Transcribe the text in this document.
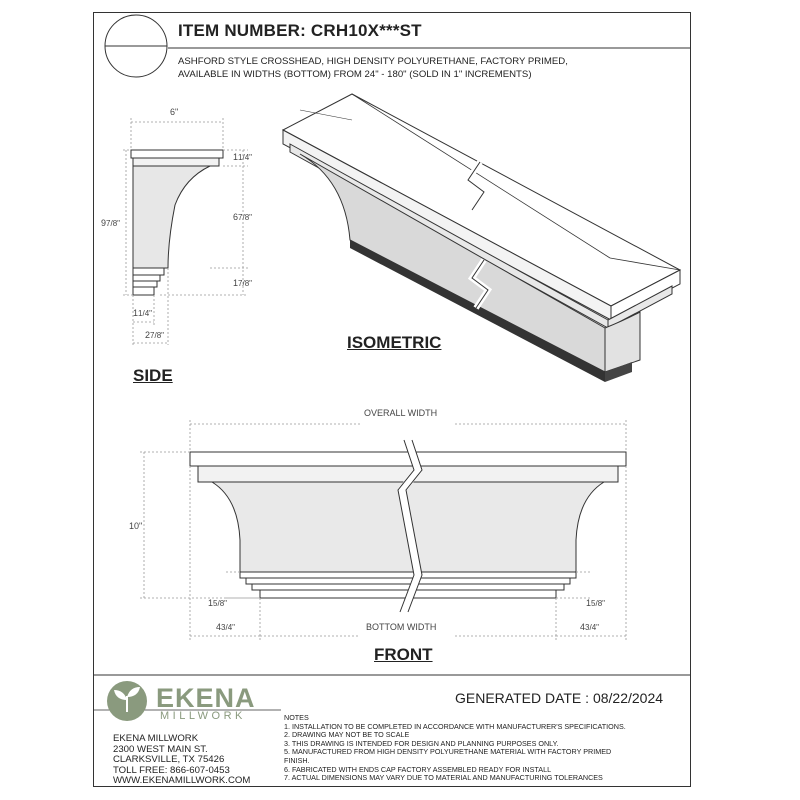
ITEM NUMBER: CRH10X***ST
ASHFORD STYLE CROSSHEAD, HIGH DENSITY POLYURETHANE, FACTORY PRIMED,
AVAILABLE IN WIDTHS (BOTTOM) FROM 24" - 180" (SOLD IN 1" INCREMENTS)
6"
97/8"
11/4"
67/8"
17/8"
11/4"
27/8"
SIDE
ISOMETRIC
FRONT
OVERALL WIDTH
BOTTOM WIDTH
10"
15/8"	15/8"
43/4"	43/4"
EKENA
MILLWORK
GENERATED DATE : 08/22/2024
EKENA MILLWORK
2300 WEST MAIN ST.
CLARKSVILLE, TX 75426
TOLL FREE: 866-607-0453
WWW.EKENAMILLWORK.COM
NOTES
1. INSTALLATION TO BE COMPLETED IN ACCORDANCE WITH MANUFACTURER'S SPECIFICATIONS.
2. DRAWING MAY NOT BE TO SCALE
3. THIS DRAWING IS INTENDED FOR DESIGN AND PLANNING PURPOSES ONLY.
5. MANUFACTURED FROM HIGH DENSITY POLYURETHANE MATERIAL WITH FACTORY PRIMED
FINISH.
6. FABRICATED WITH ENDS CAP FACTORY ASSEMBLED READY FOR INSTALL
7. ACTUAL DIMENSIONS MAY VARY DUE TO MATERIAL AND MANUFACTURING TOLERANCES
